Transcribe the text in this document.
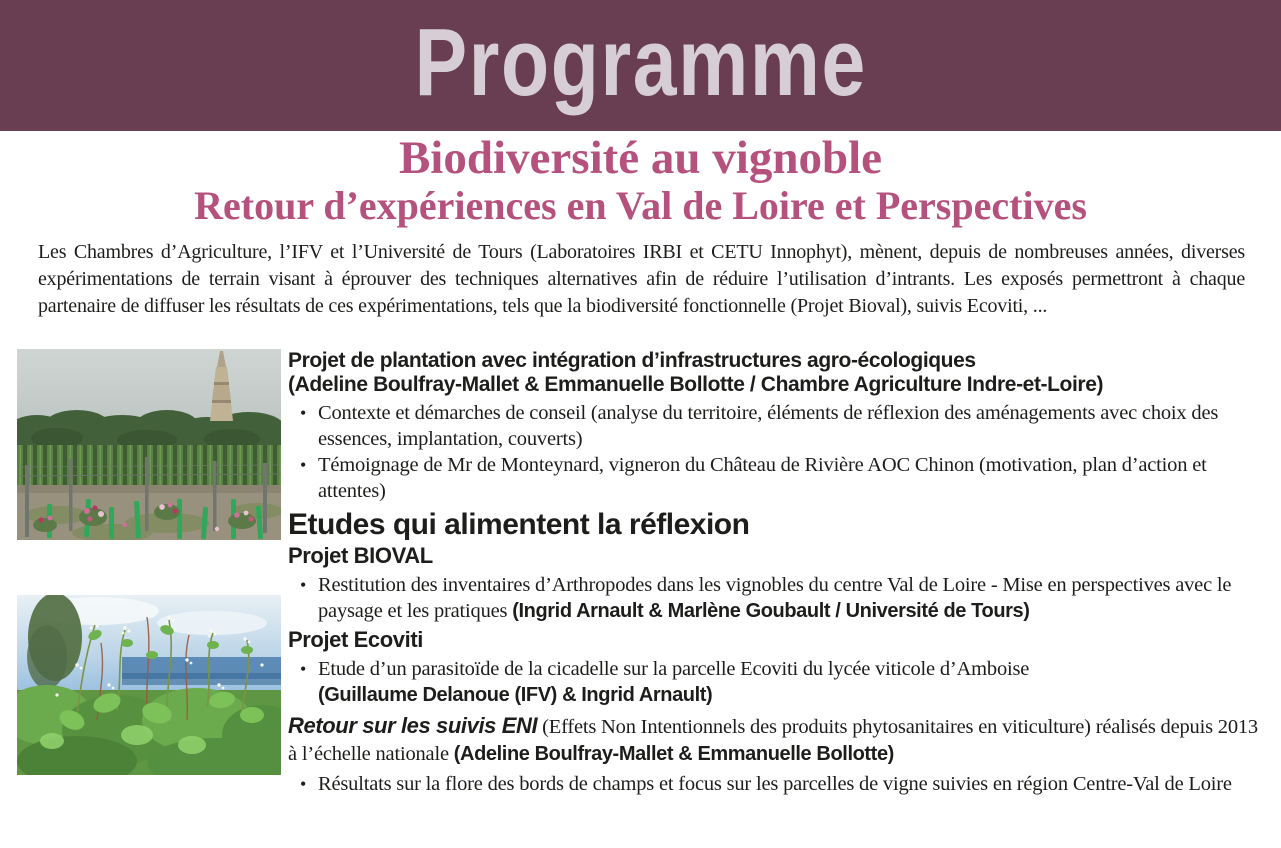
Programme
Biodiversité au vignoble
Retour d’expériences en Val de Loire et Perspectives

Les Chambres d’Agriculture, l’IFV et l’Université de Tours (Laboratoires IRBI et CETU Innophyt), mènent, depuis de nombreuses années, diverses expérimentations de terrain visant à éprouver des techniques alternatives afin de réduire l’utilisation d’intrants. Les exposés permettront à chaque partenaire de diffuser les résultats de ces expérimentations, tels que la biodiversité fonctionnelle (Projet Bioval), suivis Ecoviti, ...

Projet de plantation avec intégration d’infrastructures agro-écologiques
(Adeline Boulfray-Mallet & Emmanuelle Bollotte / Chambre Agriculture Indre-et-Loire)
• Contexte et démarches de conseil (analyse du territoire, éléments de réflexion des aménagements avec choix des essences, implantation, couverts)
• Témoignage de Mr de Monteynard, vigneron du Château de Rivière AOC Chinon (motivation, plan d’action et attentes)
Etudes qui alimentent la réflexion
Projet BIOVAL
• Restitution des inventaires d’Arthropodes dans les vignobles du centre Val de Loire - Mise en perspectives avec le paysage et les pratiques (Ingrid Arnault & Marlène Goubault / Université de Tours)
Projet Ecoviti
• Etude d’un parasitoïde de la cicadelle sur la parcelle Ecoviti du lycée viticole d’Amboise
(Guillaume Delanoue (IFV) & Ingrid Arnault)

Retour sur les suivis ENI (Effets Non Intentionnels des produits phytosanitaires en viticulture) réalisés depuis 2013 à l’échelle nationale (Adeline Boulfray-Mallet & Emmanuelle Bollotte)

• Résultats sur la flore des bords de champs et focus sur les parcelles de vigne suivies en région Centre-Val de Loire
